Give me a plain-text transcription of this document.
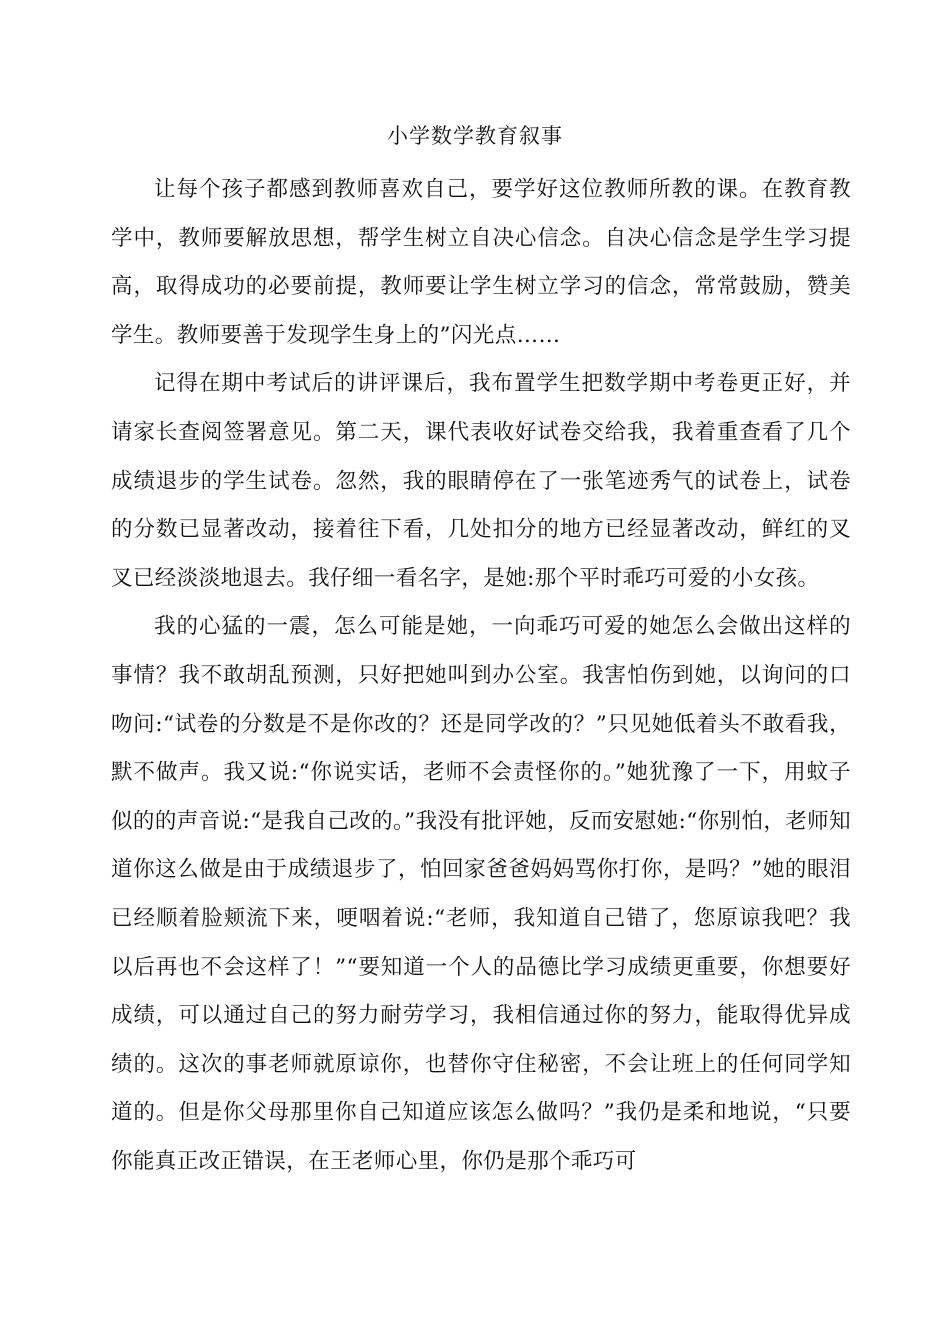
小学数学教育叙事

让每个孩子都感到教师喜欢自己，要学好这位教师所教的课。在教育教学中，教师要解放思想，帮学生树立自决心信念。自决心信念是学生学习提高，取得成功的必要前提，教师要让学生树立学习的信念，常常鼓励，赞美学生。教师要善于发现学生身上的”闪光点……

记得在期中考试后的讲评课后，我布置学生把数学期中考卷更正好，并请家长查阅签署意见。第二天，课代表收好试卷交给我，我着重查看了几个成绩退步的学生试卷。忽然，我的眼睛停在了一张笔迹秀气的试卷上，试卷的分数已显著改动，接着往下看，几处扣分的地方已经显著改动，鲜红的叉叉已经淡淡地退去。我仔细一看名字，是她:那个平时乖巧可爱的小女孩。

我的心猛的一震，怎么可能是她，一向乖巧可爱的她怎么会做出这样的事情？我不敢胡乱预测，只好把她叫到办公室。我害怕伤到她，以询问的口吻问:“试卷的分数是不是你改的？还是同学改的？”只见她低着头不敢看我，默不做声。我又说:“你说实话，老师不会责怪你的。”她犹豫了一下，用蚊子似的的声音说:“是我自己改的。”我没有批评她，反而安慰她:“你别怕，老师知道你这么做是由于成绩退步了，怕回家爸爸妈妈骂你打你，是吗？”她的眼泪已经顺着脸颊流下来，哽咽着说:“老师，我知道自己错了，您原谅我吧？我以后再也不会这样了！”“要知道一个人的品德比学习成绩更重要，你想要好成绩，可以通过自己的努力耐劳学习，我相信通过你的努力，能取得优异成绩的。这次的事老师就原谅你，也替你守住秘密，不会让班上的任何同学知道的。但是你父母那里你自己知道应该怎么做吗？”我仍是柔和地说，“只要你能真正改正错误，在王老师心里，你仍是那个乖巧可
